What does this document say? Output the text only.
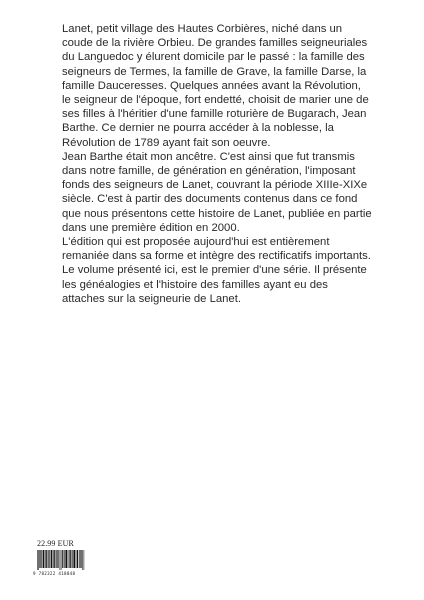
Lanet, petit village des Hautes Corbières, niché dans un coude de la rivière Orbieu. De grandes familles seigneuriales du Languedoc y élurent domicile par le passé : la famille des seigneurs de Termes, la famille de Grave, la famille Darse, la famille Dauceresses. Quelques années avant la Révolution, le seigneur de l'époque, fort endetté, choisit de marier une de ses filles à l'héritier d'une famille roturière de Bugarach, Jean Barthe. Ce dernier ne pourra accéder à la noblesse, la Révolution de 1789 ayant fait son oeuvre.

Jean Barthe était mon ancêtre. C'est ainsi que fut transmis dans notre famille, de génération en génération, l'imposant fonds des seigneurs de Lanet, couvrant la période XIIIe-XIXe siècle. C'est à partir des documents contenus dans ce fond que nous présentons cette histoire de Lanet, publiée en partie dans une première édition en 2000.

L'édition qui est proposée aujourd'hui est entièrement remaniée dans sa forme et intègre des rectificatifs importants.

Le volume présenté ici, est le premier d'une série. Il présente les généalogies et l'histoire des familles ayant eu des attaches sur la seigneurie de Lanet.

22.99 EUR
9 782322 418848
